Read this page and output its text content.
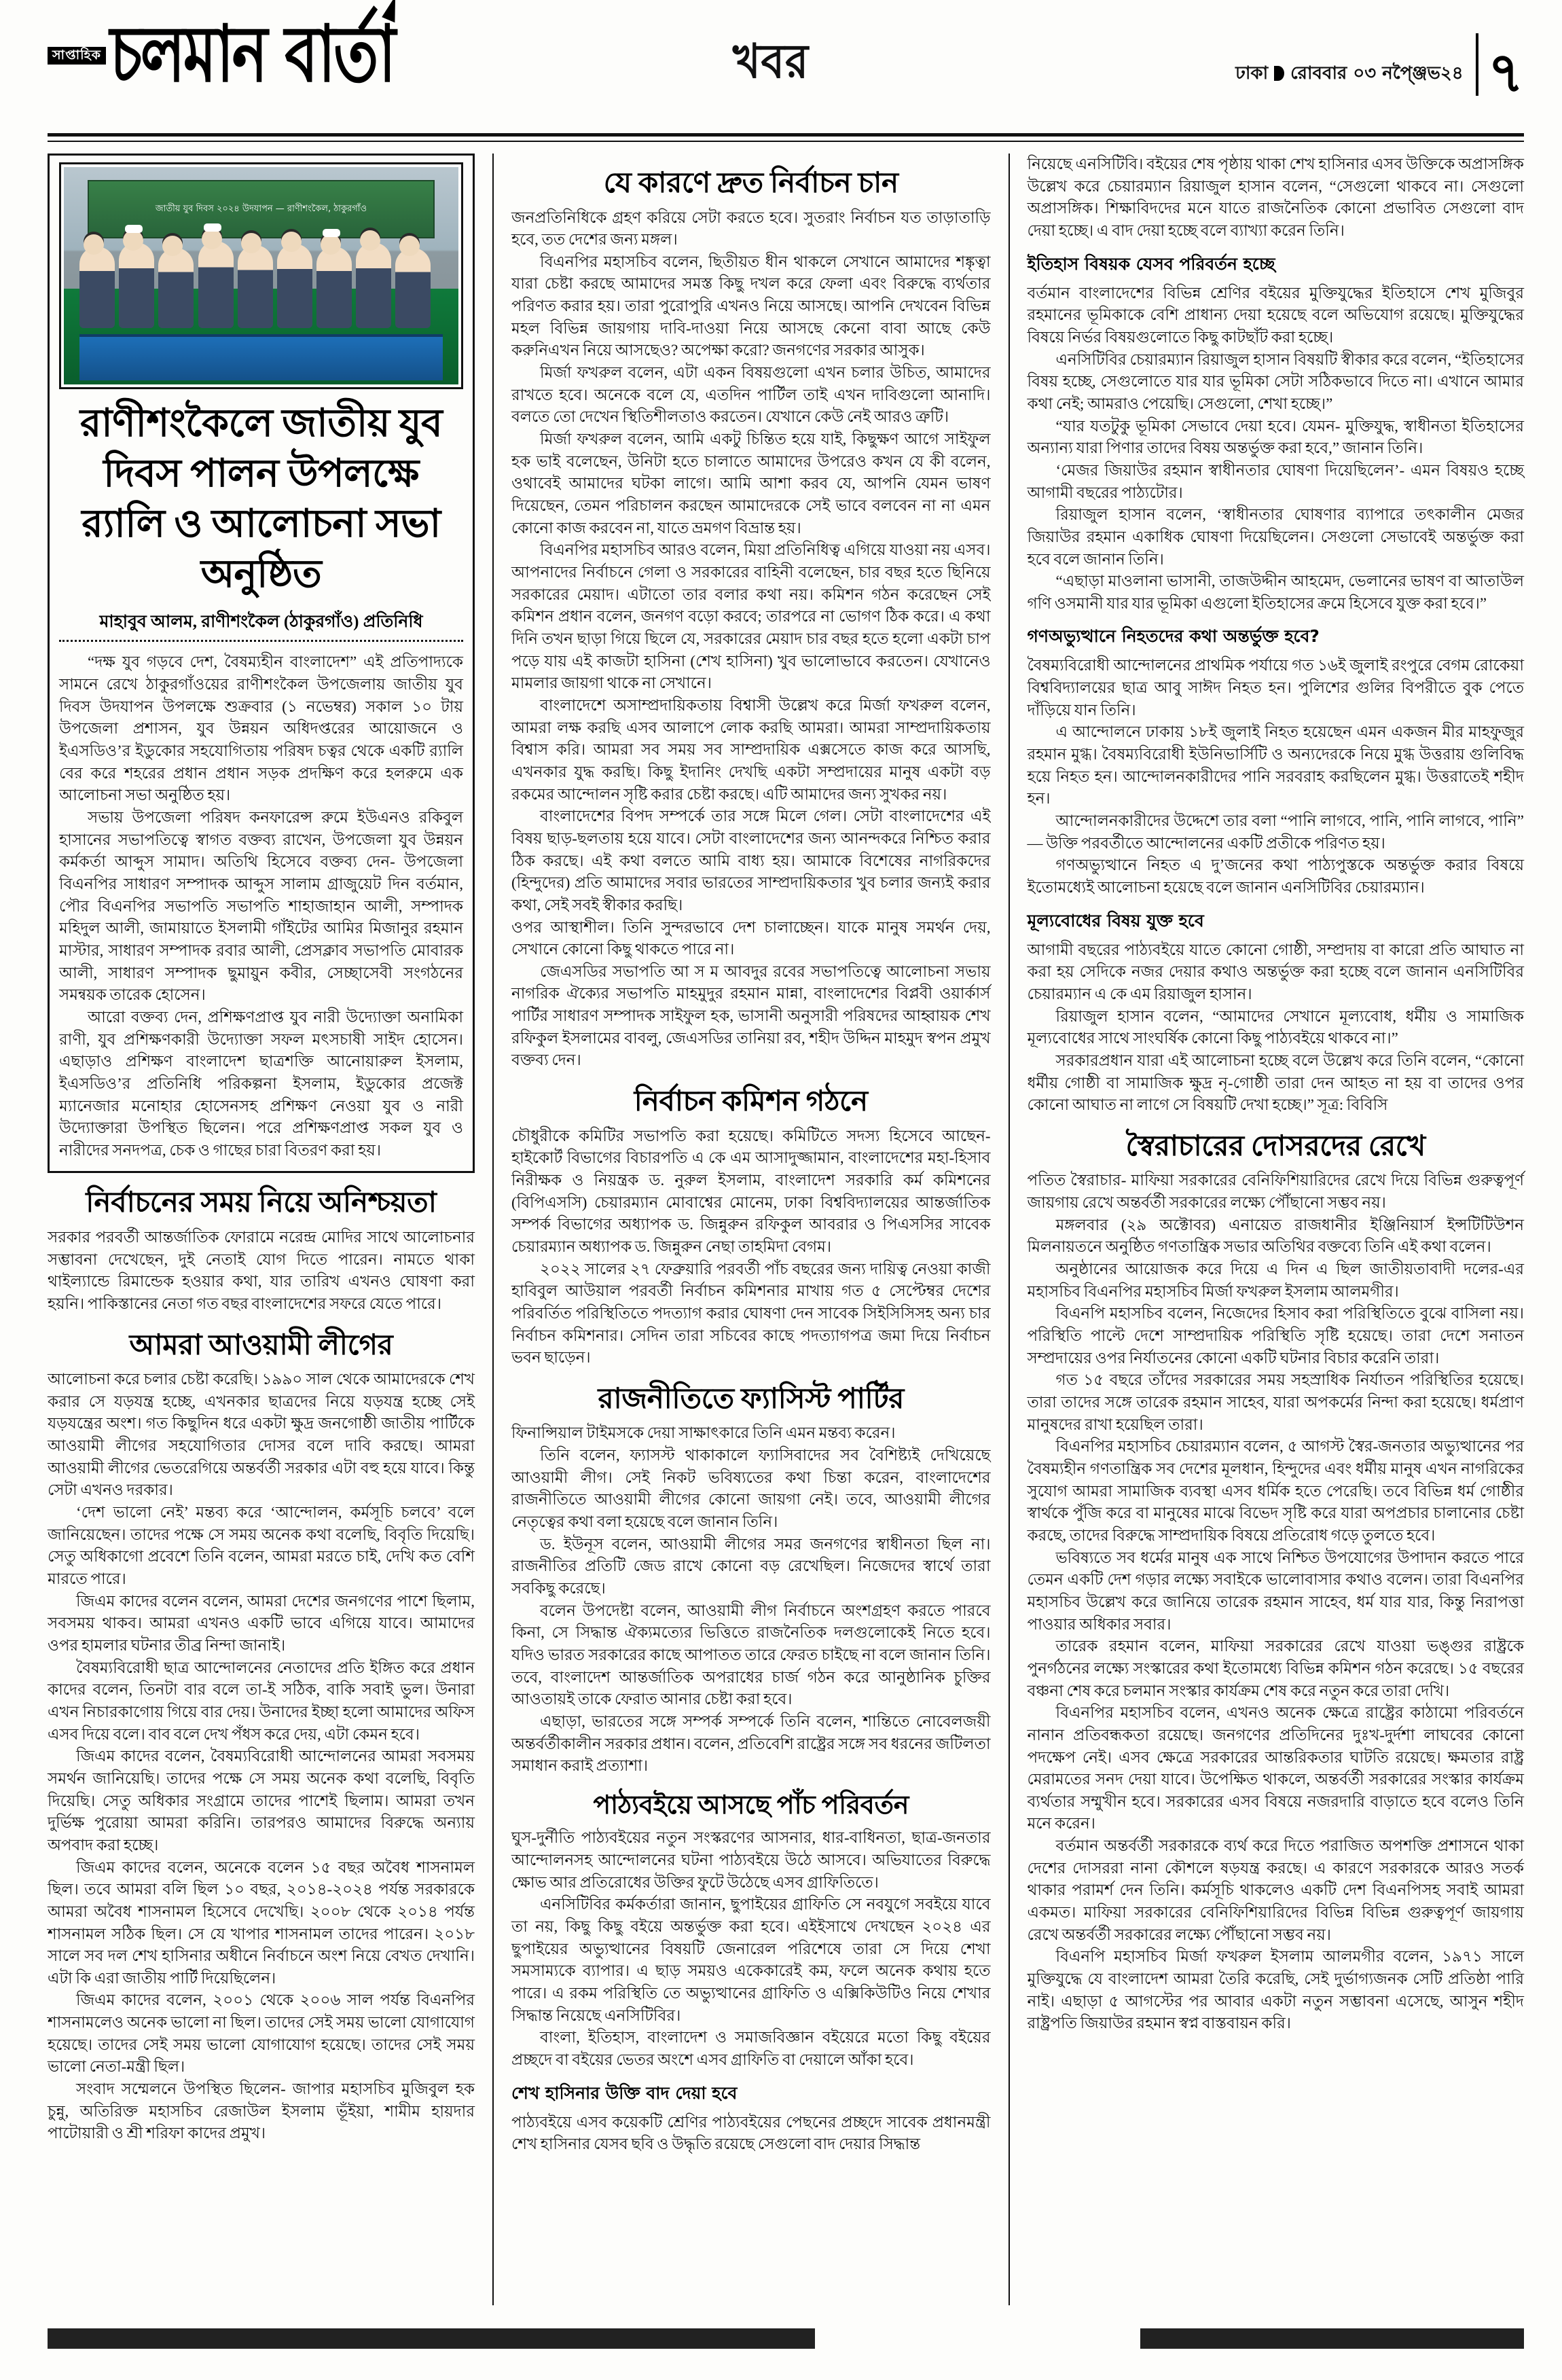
সাপ্তাহিক চলমান বার্তা	খবর	ঢাকা রোববার ০৩ নপ্ঞ্জৈভ২৪ ৭
জাতীয় যুব দিবস ২০২৪ উদযাপন — রাণীশংকৈল, ঠাকুরগাঁও
রাণীশংকৈলে জাতীয় যুব দিবস পালন উপলক্ষে র‍্যালি ও আলোচনা সভা অনুষ্ঠিত
মাহাবুব আলম, রাণীশংকৈল (ঠাকুরগাঁও) প্রতিনিধি

“দক্ষ যুব গড়বে দেশ, বৈষম্যহীন বাংলাদেশ” এই প্রতিপাদ্যকে সামনে রেখে ঠাকুরগাঁওয়ের রাণীশংকৈল উপজেলায় জাতীয় যুব দিবস উদযাপন উপলক্ষে শুক্রবার (১ নভেম্বর) সকাল ১০ টায় উপজেলা প্রশাসন, যুব উন্নয়ন অধিদপ্তরের আয়োজনে ও ইএসডিও’র ইডুকোর সহযোগিতায় পরিষদ চত্বর থেকে একটি র‍্যালি বের করে শহরের প্রধান প্রধান সড়ক প্রদক্ষিণ করে হলরুমে এক আলোচনা সভা অনুষ্ঠিত হয়।

সভায় উপজেলা পরিষদ কনফারেন্স রুমে ইউএনও রকিবুল হাসানের সভাপতিত্বে স্বাগত বক্তব্য রাখেন, উপজেলা যুব উন্নয়ন কর্মকর্তা আব্দুস সামাদ। অতিথি হিসেবে বক্তব্য দেন- উপজেলা বিএনপির সাধারণ সম্পাদক আব্দুস সালাম গ্রাজুয়েট দিন বর্তমান, পৌর বিএনপির সভাপতি সভাপতি শাহাজাহান আলী, সম্পাদক মহিদুল আলী, জামায়াতে ইসলামী গাঁইটের আমির মিজানুর রহমান মাস্টার, সাধারণ সম্পাদক রবার আলী, প্রেসক্লাব সভাপতি মোবারক আলী, সাধারণ সম্পাদক ছুমায়ুন কবীর, সেচ্ছাসেবী সংগঠনের সমন্বয়ক তারেক হোসেন।

আরো বক্তব্য দেন, প্রশিক্ষণপ্রাপ্ত যুব নারী উদ্যোক্তা অনামিকা রাণী, যুব প্রশিক্ষণকারী উদ্যোক্তা সফল মৎসচাষী সাইদ হোসেন। এছাড়াও প্রশিক্ষণ বাংলাদেশ ছাত্রশক্তি আনোয়ারুল ইসলাম, ইএসডিও’র প্রতিনিধি পরিকল্পনা ইসলাম, ইডুকোর প্রজেক্ট ম্যানেজার মনোহার হোসেনসহ প্রশিক্ষণ নেওয়া যুব ও নারী উদ্যোক্তারা উপস্থিত ছিলেন। পরে প্রশিক্ষণপ্রাপ্ত সকল যুব ও নারীদের সনদপত্র, চেক ও গাছের চারা বিতরণ করা হয়।

নির্বাচনের সময় নিয়ে অনিশ্চয়তা

সরকার পরবর্তী আন্তর্জাতিক ফোরামে নরেন্দ্র মোদির সাথে আলোচনার সম্ভাবনা দেখেছেন, দুই নেতাই যোগ দিতে পারেন। নামতে থাকা থাইল্যান্ডে রিমান্ডেক হওয়ার কথা, যার তারিখ এখনও ঘোষণা করা হয়নি। পাকিস্তানের নেতা গত বছর বাংলাদেশের সফরে যেতে পারে।

আমরা আওয়ামী লীগের

আলোচনা করে চলার চেষ্টা করেছি। ১৯৯০ সাল থেকে আমাদেরকে শেখ করার সে যড়যন্ত্র হচ্ছে, এখনকার ছাত্রদের নিয়ে যড়যন্ত্র হচ্ছে সেই যড়যন্ত্রের অংশ। গত কিছুদিন ধরে একটা ক্ষুদ্র জনগোষ্ঠী জাতীয় পার্টিকে আওয়ামী লীগের সহযোগিতার দোসর বলে দাবি করছে। আমরা আওয়ামী লীগের ভেতরেগিয়ে অন্তর্বর্তী সরকার এটা বহু হয়ে যাবে। কিন্তু সেটা এখনও দরকার।

‘দেশ ভালো নেই’ মন্তব্য করে ‘আন্দোলন, কর্মসূচি চলবে’ বলে জানিয়েছেন। তাদের পক্ষে সে সময় অনেক কথা বলেছি, বিবৃতি দিয়েছি। সেতু অধিকাগো প্রবেশে তিনি বলেন, আমরা মরতে চাই, দেখি কত বেশি মারতে পারে।

জিএম কাদের বলেন বলেন, আমরা দেশের জনগণের পাশে ছিলাম, সবসময় থাকব। আমরা এখনও একটি ভাবে এগিয়ে যাবে। আমাদের ওপর হামলার ঘটনার তীব্র নিন্দা জানাই।

বৈষম্যবিরোধী ছাত্র আন্দোলনের নেতাদের প্রতি ইঙ্গিত করে প্রধান কাদের বলেন, তিনটা বার বলে তা-ই সঠিক, বাকি সবাই ভুল। উনারা এখন নিচারকাগোয় গিয়ে বার দেয়। উনাদের ইচ্ছা হলো আমাদের অফিস এসব দিয়ে বলে। বাব বলে দেখ পঁধস করে দেয়, এটা কেমন হবে।

জিএম কাদের বলেন, বৈষম্যবিরোধী আন্দোলনের আমরা সবসময় সমর্থন জানিয়েছি। তাদের পক্ষে সে সময় অনেক কথা বলেছি, বিবৃতি দিয়েছি। সেতু অধিকার সংগ্রামে তাদের পাশেই ছিলাম। আমরা তখন দুর্ভিক্ষ পুরোয়া আমরা করিনি। তারপরও আমাদের বিরুদ্ধে অন্যায় অপবাদ করা হচ্ছে।

জিএম কাদের বলেন, অনেকে বলেন ১৫ বছর অবৈধ শাসনামল ছিল। তবে আমরা বলি ছিল ১০ বছর, ২০১৪-২০২৪ পর্যন্ত সরকারকে আমরা অবৈধ শাসনামল হিসেবে দেখেছি। ২০০৮ থেকে ২০১৪ পর্যন্ত শাসনামল সঠিক ছিল। সে যে খাপার শাসনামল তাদের পারেন। ২০১৮ সালে সব দল শেখ হাসিনার অধীনে নির্বাচনে অংশ নিয়ে বেখত দেখানি। এটা কি এরা জাতীয় পার্টি দিয়েছিলেন।

জিএম কাদের বলেন, ২০০১ থেকে ২০০৬ সাল পর্যন্ত বিএনপির শাসনামলেও অনেক ভালো না ছিল। তাদের সেই সময় ভালো যোগাযোগ হয়েছে। তাদের সেই সময় ভালো যোগাযোগ হয়েছে। তাদের সেই সময় ভালো নেতা-মন্ত্রী ছিল।

সংবাদ সম্মেলনে উপস্থিত ছিলেন- জাপার মহাসচিব মুজিবুল হক চুন্নু, অতিরিক্ত মহাসচিব রেজাউল ইসলাম ভূঁইয়া, শামীম হায়দার পাটোয়ারী ও শ্রী শরিফা কাদের প্রমুখ।

যে কারণে দ্রুত নির্বাচন চান

জনপ্রতিনিধিকে গ্রহণ করিয়ে সেটা করতে হবে। সুতরাং নির্বাচন যত তাড়াতাড়ি হবে, তত দেশের জন্য মঙ্গল।

বিএনপির মহাসচিব বলেন, ছিতীয়ত ধীন থাকলে সেখানে আমাদের শঙ্কৃত্বা যারা চেষ্টা করছে আমাদের সমস্ত কিছু দখল করে ফেলা এবং বিরুদ্ধে ব্যর্থতার পরিণত করার হয়। তারা পুরোপুরি এখনও নিয়ে আসছে। আপনি দেখবেন বিভিন্ন মহল বিভিন্ন জায়গায় দাবি-দাওয়া নিয়ে আসছে কেনো বাবা আছে কেউ করুনিএখন নিয়ে আসছেও? অপেক্ষা করো? জনগণের সরকার আসুক।

মির্জা ফখরুল বলেন, এটা একন বিষয়গুলো এখন চলার উচিত, আমাদের রাখতে হবে। অনেকে বলে যে, এতদিন পার্টিল তাই এখন দাবিগুলো আনাদি। বলতে তো দেখেন স্থিতিশীলতাও করতেন। যেখানে কেউ নেই আরও ত্রুটি।

মির্জা ফখরুল বলেন, আমি একটু চিন্তিত হয়ে যাই, কিছুক্ষণ আগে সাইফুল হক ভাই বলেছেন, উনিটা হতে চালাতে আমাদের উপরেও কখন যে কী বলেন, ওথাবেই আমাদের ঘটকা লাগে। আমি আশা করব যে, আপনি যেমন ভাষণ দিয়েছেন, তেমন পরিচালন করছেন আমাদেরকে সেই ভাবে বলবেন না না এমন কোনো কাজ করবেন না, যাতে ভ্রমগণ বিভ্রান্ত হয়।

বিএনপির মহাসচিব আরও বলেন, মিয়া প্রতিনিধিত্ব এগিয়ে যাওয়া নয় এসব। আপনাদের নির্বাচনে গেলা ও সরকারের বাহিনী বলেছেন, চার বছর হতে ছিনিয়ে সরকারের মেয়াদ। এটাতো তার বলার কথা নয়। কমিশন গঠন করেছেন সেই কমিশন প্রধান বলেন, জনগণ বড়ো করবে; তারপরে না ভোগণ ঠিক করে। এ কথা দিনি তখন ছাড়া গিয়ে ছিলে যে, সরকারের মেয়াদ চার বছর হতে হলো একটা চাপ পড়ে যায় এই কাজটা হাসিনা (শেখ হাসিনা) খুব ভালোভাবে করতেন। যেখানেও মামলার জায়গা থাকে না সেখানে।

বাংলাদেশে অসাম্প্রদায়িকতায় বিশ্বাসী উল্লেখ করে মির্জা ফখরুল বলেন, আমরা লক্ষ করছি এসব আলাপে লোক করছি আমরা। আমরা সাম্প্রদায়িকতায় বিশ্বাস করি। আমরা সব সময় সব সাম্প্রদায়িক এক্সসেতে কাজ করে আসছি, এখনকার যুদ্ধ করছি। কিছু ইদানিং দেখছি একটা সম্প্রদায়ের মানুষ একটা বড় রকমের আন্দোলন সৃষ্টি করার চেষ্টা করছে। এটি আমাদের জন্য সুখকর নয়।

বাংলাদেশের বিপদ সম্পর্কে তার সঙ্গে মিলে গেল। সেটা বাংলাদেশের এই বিষয় ছাড়-ছলতায় হয়ে যাবে। সেটা বাংলাদেশের জন্য আনন্দকরে নিশ্চিত করার ঠিক করছে। এই কথা বলতে আমি বাধ্য হয়। আমাকে বিশেষের নাগরিকদের (হিন্দুদের) প্রতি আমাদের সবার ভারতের সাম্প্রদায়িকতার খুব চলার জন্যই করার কথা, সেই সবই স্বীকার করছি।

ওপর আস্থাশীল। তিনি সুন্দরভাবে দেশ চালাচ্ছেন। যাকে মানুষ সমর্থন দেয়, সেখানে কোনো কিছু থাকতে পারে না।

জেএসডির সভাপতি আ স ম আবদুর রবের সভাপতিত্বে আলোচনা সভায় নাগরিক ঐক্যের সভাপতি মাহমুদুর রহমান মান্না, বাংলাদেশের বিপ্লবী ওয়ার্কার্স পার্টির সাধারণ সম্পাদক সাইফুল হক, ভাসানী অনুসারী পরিষদের আহ্বায়ক শেখ রফিকুল ইসলামের বাবলু, জেএসডির তানিয়া রব, শহীদ উদ্দিন মাহমুদ স্বপন প্রমুখ বক্তব্য দেন।

নির্বাচন কমিশন গঠনে

চৌধুরীকে কমিটির সভাপতি করা হয়েছে। কমিটিতে সদস্য হিসেবে আছেন- হাইকোর্ট বিভাগের বিচারপতি এ কে এম আসাদুজ্জামান, বাংলাদেশের মহা-হিসাব নিরীক্ষক ও নিয়ন্ত্রক ড. নুরুল ইসলাম, বাংলাদেশ সরকারি কর্ম কমিশনের (বিপিএসসি) চেয়ারম্যান মোবাশ্বের মোনেম, ঢাকা বিশ্ববিদ্যালয়ের আন্তর্জাতিক সম্পর্ক বিভাগের অধ্যাপক ড. জিন্নুরুন রফিকুল আবরার ও পিএসসির সাবেক চেয়ারম্যান অধ্যাপক ড. জিন্নুরুন নেছা তাহমিদা বেগম।

২০২২ সালের ২৭ ফেব্রুয়ারি পরবর্তী পাঁচ বছরের জন্য দায়িত্ব নেওয়া কাজী হাবিবুল আউয়াল পরবর্তী নির্বাচন কমিশনার মাখায় গত ৫ সেপ্টেম্বর দেশের পরিবর্তিত পরিস্থিতিতে পদত্যাগ করার ঘোষণা দেন সাবেক সিইসিসিসহ অন্য চার নির্বাচন কমিশনার। সেদিন তারা সচিবের কাছে পদত্যাগপত্র জমা দিয়ে নির্বাচন ভবন ছাড়েন।

রাজনীতিতে ফ্যাসিস্ট পার্টির

ফিনান্সিয়াল টাইমসকে দেয়া সাক্ষাৎকারে তিনি এমন মন্তব্য করেন।

তিনি বলেন, ফ্যাসস্ট থাকাকালে ফ্যাসিবাদের সব বৈশিষ্ট্যই দেখিয়েছে আওয়ামী লীগ। সেই নিকট ভবিষ্যতের কথা চিন্তা করেন, বাংলাদেশের রাজনীতিতে আওয়ামী লীগের কোনো জায়গা নেই। তবে, আওয়ামী লীগের নেতৃত্বের কথা বলা হয়েছে বলে জানান তিনি।

ড. ইউনূস বলেন, আওয়ামী লীগের সমর জনগণের স্বাধীনতা ছিল না। রাজনীতির প্রতিটি জেড রাখে কোনো বড় রেখেছিল। নিজেদের স্বার্থে তারা সবকিছু করেছে।

বলেন উপদেষ্টা বলেন, আওয়ামী লীগ নির্বাচনে অংশগ্রহণ করতে পারবে কিনা, সে সিদ্ধান্ত ঐক্যমত্যের ভিত্তিতে রাজনৈতিক দলগুলোকেই নিতে হবে। যদিও ভারত সরকারের কাছে আপাতত তারে ফেরত চাইছে না বলে জানান তিনি। তবে, বাংলাদেশ আন্তর্জাতিক অপরাধের চার্জ গঠন করে আনুষ্ঠানিক চুক্তির আওতায়ই তাকে ফেরাত আনার চেষ্টা করা হবে।

এছাড়া, ভারতের সঙ্গে সম্পর্ক সম্পর্কে তিনি বলেন, শান্তিতে নোবেলজয়ী অন্তর্বর্তীকালীন সরকার প্রধান। বলেন, প্রতিবেশি রাষ্ট্রের সঙ্গে সব ধরনের জটিলতা সমাধান করাই প্রত্যাশা।

পাঠ্যবইয়ে আসছে পাঁচ পরিবর্তন

ঘুস-দুর্নীতি পাঠ্যবইয়ের নতুন সংস্করণের আসনার, ধার-বাধিনতা, ছাত্র-জনতার আন্দোলনসহ আন্দোলনের ঘটনা পাঠ্যবইয়ে উঠে আসবে। অভিযাতের বিরুদ্ধে ক্ষোভ আর প্রতিরোধের উক্তির ফুটে উঠেছে এসব গ্রাফিতিতে।

এনসিটিবির কর্মকর্তারা জানান, ছুপাইয়ের গ্রাফিতি সে নবযুগে সবইয়ে যাবে তা নয়, কিছু কিছু বইয়ে অন্তর্ভুক্ত করা হবে। এইইসাথে দেখছেন ২০২৪ এর ছুপাইয়ের অভ্যুত্থানের বিষয়টি জেনারেল পরিশেষে তারা সে দিয়ে শেখা সমসাম্যকে ব্যাপার। এ ছাড় সময়ও একেকারেই কম, ফলে অনেক কথায় হতে পারে। এ রকম পরিস্থিতি তে অভ্যুত্থানের গ্রাফিতি ও এক্সিকিউটিও নিয়ে শেখার সিদ্ধান্ত নিয়েছে এনসিটিবির।

বাংলা, ইতিহাস, বাংলাদেশ ও সমাজবিজ্ঞান বইয়েরে মতো কিছু বইয়ের প্রচ্ছদে বা বইয়ের ভেতর অংশে এসব গ্রাফিতি বা দেয়ালে আঁকা হবে।

শেখ হাসিনার উক্তি বাদ দেয়া হবে

পাঠ্যবইয়ে এসব কয়েকটি শ্রেণির পাঠ্যবইয়ের পেছনের প্রচ্ছদে সাবেক প্রধানমন্ত্রী শেখ হাসিনার যেসব ছবি ও উদ্ধৃতি রয়েছে সেগুলো বাদ দেয়ার সিদ্ধান্ত

নিয়েছে এনসিটিবি। বইয়ের শেষ পৃষ্ঠায় থাকা শেখ হাসিনার এসব উক্তিকে অপ্রাসঙ্গিক উল্লেখ করে চেয়ারম্যান রিয়াজুল হাসান বলেন, “সেগুলো থাকবে না। সেগুলো অপ্রাসঙ্গিক। শিক্ষাবিদদের মনে যাতে রাজনৈতিক কোনো প্রভাবিত সেগুলো বাদ দেয়া হচ্ছে। এ বাদ দেয়া হচ্ছে বলে ব্যাখ্যা করেন তিনি।

ইতিহাস বিষয়ক যেসব পরিবর্তন হচ্ছে

বর্তমান বাংলাদেশের বিভিন্ন শ্রেণির বইয়ের মুক্তিযুদ্ধের ইতিহাসে শেখ মুজিবুর রহমানের ভূমিকাকে বেশি প্রাধান্য দেয়া হয়েছে বলে অভিযোগ রয়েছে। মুক্তিযুদ্ধের বিষয়ে নির্ভর বিষয়গুলোতে কিছু কাটছাঁট করা হচ্ছে।

এনসিটিবির চেয়ারম্যান রিয়াজুল হাসান বিষয়টি স্বীকার করে বলেন, “ইতিহাসের বিষয় হচ্ছে, সেগুলোতে যার যার ভূমিকা সেটা সঠিকভাবে দিতে না। এখানে আমার কথা নেই; আমরাও পেয়েছি। সেগুলো, শেখা হচ্ছে।”

“যার যতটুকু ভূমিকা সেভাবে দেয়া হবে। যেমন- মুক্তিযুদ্ধ, স্বাধীনতা ইতিহাসের অন্যান্য যারা পিণার তাদের বিষয় অন্তর্ভুক্ত করা হবে,” জানান তিনি।

‘মেজর জিয়াউর রহমান স্বাধীনতার ঘোষণা দিয়েছিলেন’- এমন বিষয়ও হচ্ছে আগামী বছরের পাঠ্যটোর।

রিয়াজুল হাসান বলেন, ‘স্বাধীনতার ঘোষণার ব্যাপারে তৎকালীন মেজর জিয়াউর রহমান একাধিক ঘোষণা দিয়েছিলেন। সেগুলো সেভাবেই অন্তর্ভুক্ত করা হবে বলে জানান তিনি।

“এছাড়া মাওলানা ভাসানী, তাজউদ্দীন আহমেদ, ভেলানের ভাষণ বা আতাউল গণি ওসমানী যার যার ভূমিকা এগুলো ইতিহাসের ক্রমে হিসেবে যুক্ত করা হবে।”

গণঅভ্যুত্থানে নিহতদের কথা অন্তর্ভুক্ত হবে?

বৈষম্যবিরোধী আন্দোলনের প্রাথমিক পর্যায়ে গত ১৬ই জুলাই রংপুরে বেগম রোকেয়া বিশ্ববিদ্যালয়ের ছাত্র আবু সাঈদ নিহত হন। পুলিশের গুলির বিপরীতে বুক পেতে দাঁড়িয়ে যান তিনি।

এ আন্দোলনে ঢাকায় ১৮ই জুলাই নিহত হয়েছেন এমন একজন মীর মাহফুজুর রহমান মুগ্ধ। বৈষম্যবিরোধী ইউনিভার্সিটি ও অন্যদেরকে নিয়ে মুগ্ধ উত্তরায় গুলিবিদ্ধ হয়ে নিহত হন। আন্দোলনকারীদের পানি সরবরাহ করছিলেন মুগ্ধ। উত্তরাতেই শহীদ হন।

আন্দোলনকারীদের উদ্দেশে তার বলা “পানি লাগবে, পানি, পানি লাগবে, পানি” — উক্তি পরবর্তীতে আন্দোলনের একটি প্রতীকে পরিণত হয়।

গণঅভ্যুত্থানে নিহত এ দু’জনের কথা পাঠ্যপুস্তকে অন্তর্ভুক্ত করার বিষয়ে ইতোমধ্যেই আলোচনা হয়েছে বলে জানান এনসিটিবির চেয়ারম্যান।

মূল্যবোধের বিষয় যুক্ত হবে

আগামী বছরের পাঠ্যবইয়ে যাতে কোনো গোষ্ঠী, সম্প্রদায় বা কারো প্রতি আঘাত না করা হয় সেদিকে নজর দেয়ার কথাও অন্তর্ভুক্ত করা হচ্ছে বলে জানান এনসিটিবির চেয়ারম্যান এ কে এম রিয়াজুল হাসান।

রিয়াজুল হাসান বলেন, “আমাদের সেখানে মূল্যবোধ, ধর্মীয় ও সামাজিক মূল্যবোধের সাথে সাংঘর্ষিক কোনো কিছু পাঠ্যবইয়ে থাকবে না।”

সরকারপ্রধান যারা এই আলোচনা হচ্ছে বলে উল্লেখ করে তিনি বলেন, “কোনো ধর্মীয় গোষ্ঠী বা সামাজিক ক্ষুদ্র নৃ-গোষ্ঠী তারা দেন আহত না হয় বা তাদের ওপর কোনো আঘাত না লাগে সে বিষয়টি দেখা হচ্ছে।” সূত্র: বিবিসি

স্বৈরাচারের দোসরদের রেখে

পতিত স্বৈরাচার- মাফিয়া সরকারের বেনিফিশিয়ারিদের রেখে দিয়ে বিভিন্ন গুরুত্বপূর্ণ জায়গায় রেখে অন্তর্বর্তী সরকারের লক্ষ্যে পৌঁছানো সম্ভব নয়।

মঙ্গলবার (২৯ অক্টোবর) এনায়েত রাজধানীর ইঞ্জিনিয়ার্স ইন্সটিটিউশন মিলনায়তনে অনুষ্ঠিত গণতান্ত্রিক সভার অতিথির বক্তব্যে তিনি এই কথা বলেন।

অনুষ্ঠানের আয়োজক করে দিয়ে এ দিন এ ছিল জাতীয়তাবাদী দলের-এর মহাসচিব বিএনপির মহাসচিব মির্জা ফখরুল ইসলাম আলমগীর।

বিএনপি মহাসচিব বলেন, নিজেদের হিসাব করা পরিস্থিতিতে বুঝে বাসিলা নয়। পরিস্থিতি পাল্টে দেশে সাম্প্রদায়িক পরিস্থিতি সৃষ্টি হয়েছে। তারা দেশে সনাতন সম্প্রদায়ের ওপর নির্যাতনের কোনো একটি ঘটনার বিচার করেনি তারা।

গত ১৫ বছরে তাঁদের সরকারের সময় সহস্রাধিক নির্যাতন পরিস্থিতির হয়েছে। তারা তাদের সঙ্গে তারেক রহমান সাহেব, যারা অপকর্মের নিন্দা করা হয়েছে। ধর্মপ্রাণ মানুষদের রাখা হয়েছিল তারা।

বিএনপির মহাসচিব চেয়ারম্যান বলেন, ৫ আগস্ট স্বৈর-জনতার অভ্যুত্থানের পর বৈষম্যহীন গণতান্ত্রিক সব দেশের মূলধান, হিন্দুদের এবং ধর্মীয় মানুষ এখন নাগরিকের সুযোগ আমরা সামাজিক ব্যবস্থা এসব ধর্মিক হতে পেরেছি। তবে বিভিন্ন ধর্ম গোষ্ঠীর স্বার্থকে পুঁজি করে বা মানুষের মাঝে বিভেদ সৃষ্টি করে যারা অপপ্রচার চালানোর চেষ্টা করছে, তাদের বিরুদ্ধে সাম্প্রদায়িক বিষয়ে প্রতিরোধ গড়ে তুলতে হবে।

ভবিষ্যতে সব ধর্মের মানুষ এক সাথে নিশ্চিত উপযোগের উপাদান করতে পারে তেমন একটি দেশ গড়ার লক্ষ্যে সবাইকে ভালোবাসার কথাও বলেন। তারা বিএনপির মহাসচিব উল্লেখ করে জানিয়ে তারেক রহমান সাহেব, ধর্ম যার যার, কিন্তু নিরাপত্তা পাওয়ার অধিকার সবার।

তারেক রহমান বলেন, মাফিয়া সরকারের রেখে যাওয়া ভঙ্গুর রাষ্ট্রকে পুনর্গঠনের লক্ষ্যে সংস্কারের কথা ইতোমধ্যে বিভিন্ন কমিশন গঠন করেছে। ১৫ বছরের বঞ্চনা শেষ করে চলমান সংস্কার কার্যক্রম শেষ করে নতুন করে তারা দেখি।

বিএনপির মহাসচিব বলেন, এখনও অনেক ক্ষেত্রে রাষ্ট্রের কাঠামো পরিবর্তনে নানান প্রতিবন্ধকতা রয়েছে। জনগণের প্রতিদিনের দুঃখ-দুর্দশা লাঘবের কোনো পদক্ষেপ নেই। এসব ক্ষেত্রে সরকারের আন্তরিকতার ঘাটতি রয়েছে। ক্ষমতার রাষ্ট্র মেরামতের সনদ দেয়া যাবে। উপেক্ষিত থাকলে, অন্তর্বর্তী সরকারের সংস্কার কার্যক্রম ব্যর্থতার সম্মুখীন হবে। সরকারের এসব বিষয়ে নজরদারি বাড়াতে হবে বলেও তিনি মনে করেন।

বর্তমান অন্তর্বর্তী সরকারকে ব্যর্থ করে দিতে পরাজিত অপশক্তি প্রশাসনে থাকা দেশের দোসররা নানা কৌশলে ষড়যন্ত্র করছে। এ কারণে সরকারকে আরও সতর্ক থাকার পরামর্শ দেন তিনি। কর্মসূচি থাকলেও একটি দেশ বিএনপিসহ সবাই আমরা একমত। মাফিয়া সরকারের বেনিফিশিয়ারিদের বিভিন্ন বিভিন্ন গুরুত্বপূর্ণ জায়গায় রেখে অন্তর্বর্তী সরকারের লক্ষ্যে পৌঁছানো সম্ভব নয়।

বিএনপি মহাসচিব মির্জা ফখরুল ইসলাম আলমগীর বলেন, ১৯৭১ সালে মুক্তিযুদ্ধে যে বাংলাদেশ আমরা তৈরি করেছি, সেই দুর্ভাগ্যজনক সেটি প্রতিষ্ঠা পারি নাই। এছাড়া ৫ আগস্টের পর আবার একটা নতুন সম্ভাবনা এসেছে, আসুন শহীদ রাষ্ট্রপতি জিয়াউর রহমান স্বপ্ন বাস্তবায়ন করি।
